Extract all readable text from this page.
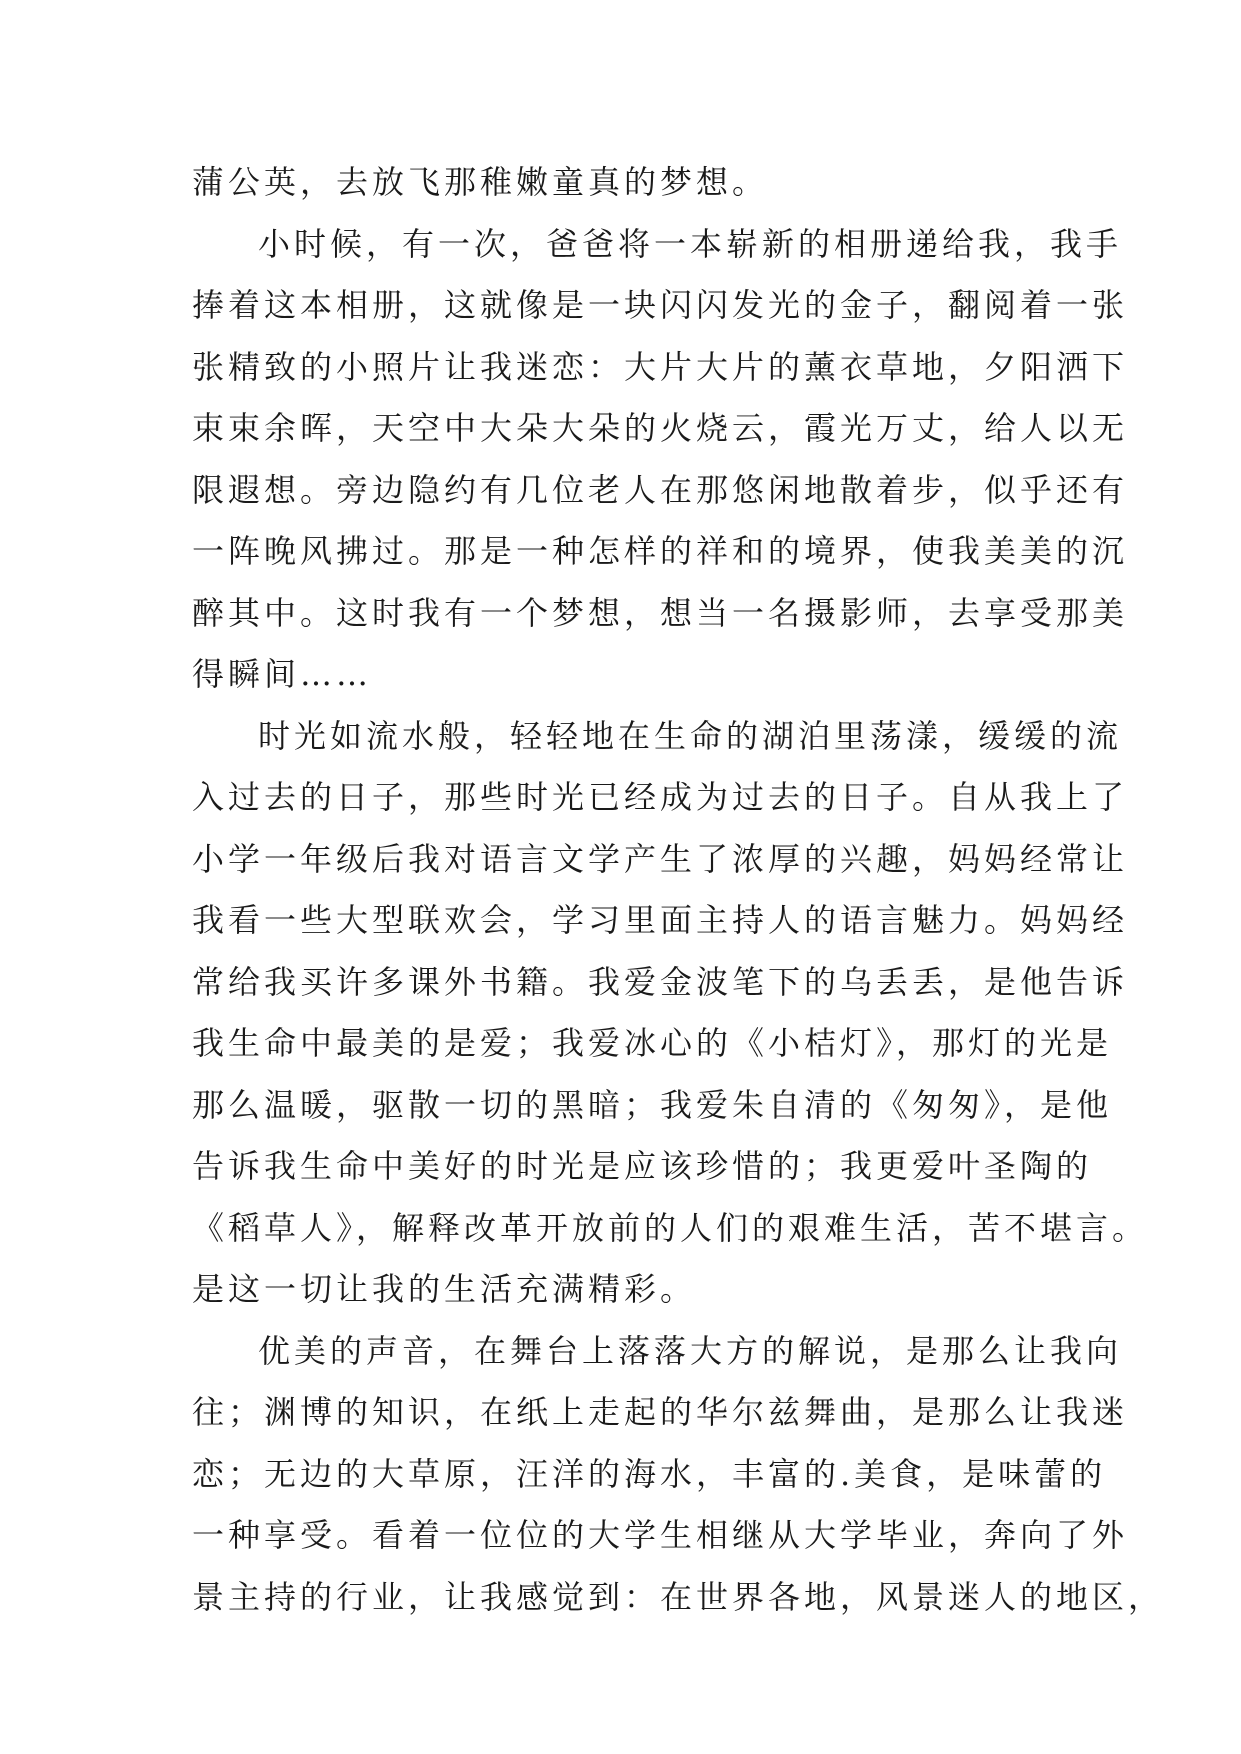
蒲公英，去放飞那稚嫩童真的梦想。
小时候，有一次，爸爸将一本崭新的相册递给我，我手
捧着这本相册，这就像是一块闪闪发光的金子，翻阅着一张
张精致的小照片让我迷恋：大片大片的薰衣草地，夕阳洒下
束束余晖，天空中大朵大朵的火烧云，霞光万丈，给人以无
限遐想。旁边隐约有几位老人在那悠闲地散着步，似乎还有
一阵晚风拂过。那是一种怎样的祥和的境界，使我美美的沉
醉其中。这时我有一个梦想，想当一名摄影师，去享受那美
得瞬间……
时光如流水般，轻轻地在生命的湖泊里荡漾，缓缓的流
入过去的日子，那些时光已经成为过去的日子。自从我上了
小学一年级后我对语言文学产生了浓厚的兴趣，妈妈经常让
我看一些大型联欢会，学习里面主持人的语言魅力。妈妈经
常给我买许多课外书籍。我爱金波笔下的乌丢丢，是他告诉
我生命中最美的是爱；我爱冰心的《小桔灯》，那灯的光是
那么温暖，驱散一切的黑暗；我爱朱自清的《匆匆》，是他
告诉我生命中美好的时光是应该珍惜的；我更爱叶圣陶的
《稻草人》，解释改革开放前的人们的艰难生活，苦不堪言。
是这一切让我的生活充满精彩。
优美的声音，在舞台上落落大方的解说，是那么让我向
往；渊博的知识，在纸上走起的华尔兹舞曲，是那么让我迷
恋；无边的大草原，汪洋的海水，丰富的.美食，是味蕾的
一种享受。看着一位位的大学生相继从大学毕业，奔向了外
景主持的行业，让我感觉到：在世界各地，风景迷人的地区，
